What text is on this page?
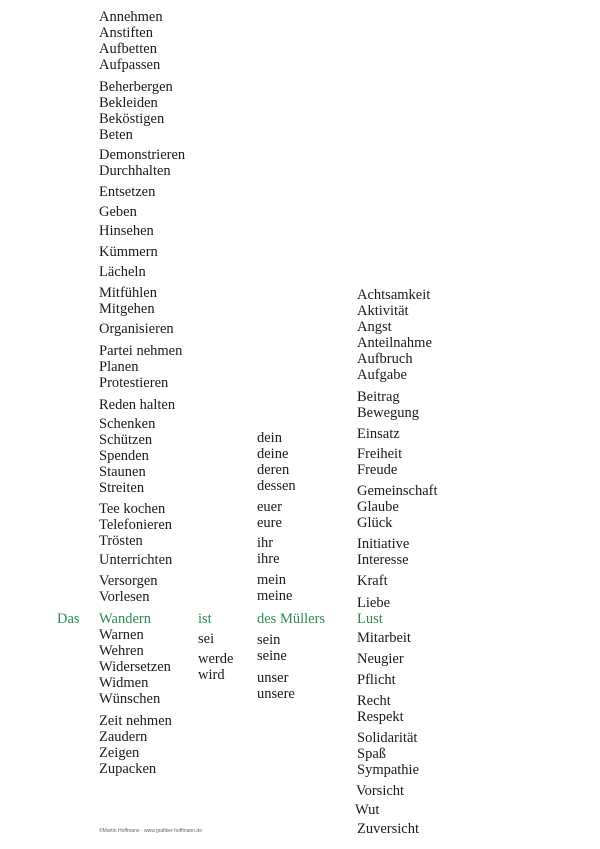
Das
Annehmen
Anstiften
Aufbetten
Aufpassen
Beherbergen
Bekleiden
Beköstigen
Beten
Demonstrieren
Durchhalten
Entsetzen
Geben
Hinsehen
Kümmern
Lächeln
Mitfühlen
Mitgehen
Organisieren
Partei nehmen
Planen
Protestieren
Reden halten
Schenken
Schützen
Spenden
Staunen
Streiten
Tee kochen
Telefonieren
Trösten
Unterrichten
Versorgen
Vorlesen
Wandern
Warnen
Wehren
Widersetzen
Widmen
Wünschen
Zeit nehmen
Zaudern
Zeigen
Zupacken
ist
sei
werde
wird
dein
deine
deren
dessen
euer
eure
ihr
ihre
mein
meine
des Müllers
sein
seine
unser
unsere
Achtsamkeit
Aktivität
Angst
Anteilnahme
Aufbruch
Aufgabe
Beitrag
Bewegung
Einsatz
Freiheit
Freude
Gemeinschaft
Glaube
Glück
Initiative
Interesse
Kraft
Liebe
Lust
Mitarbeit
Neugier
Pflicht
Recht
Respekt
Solidarität
Spaß
Sympathie
Vorsicht
Wut
Zuversicht
©Martin Hoffmann · www.grafiker-hoffmann.de
